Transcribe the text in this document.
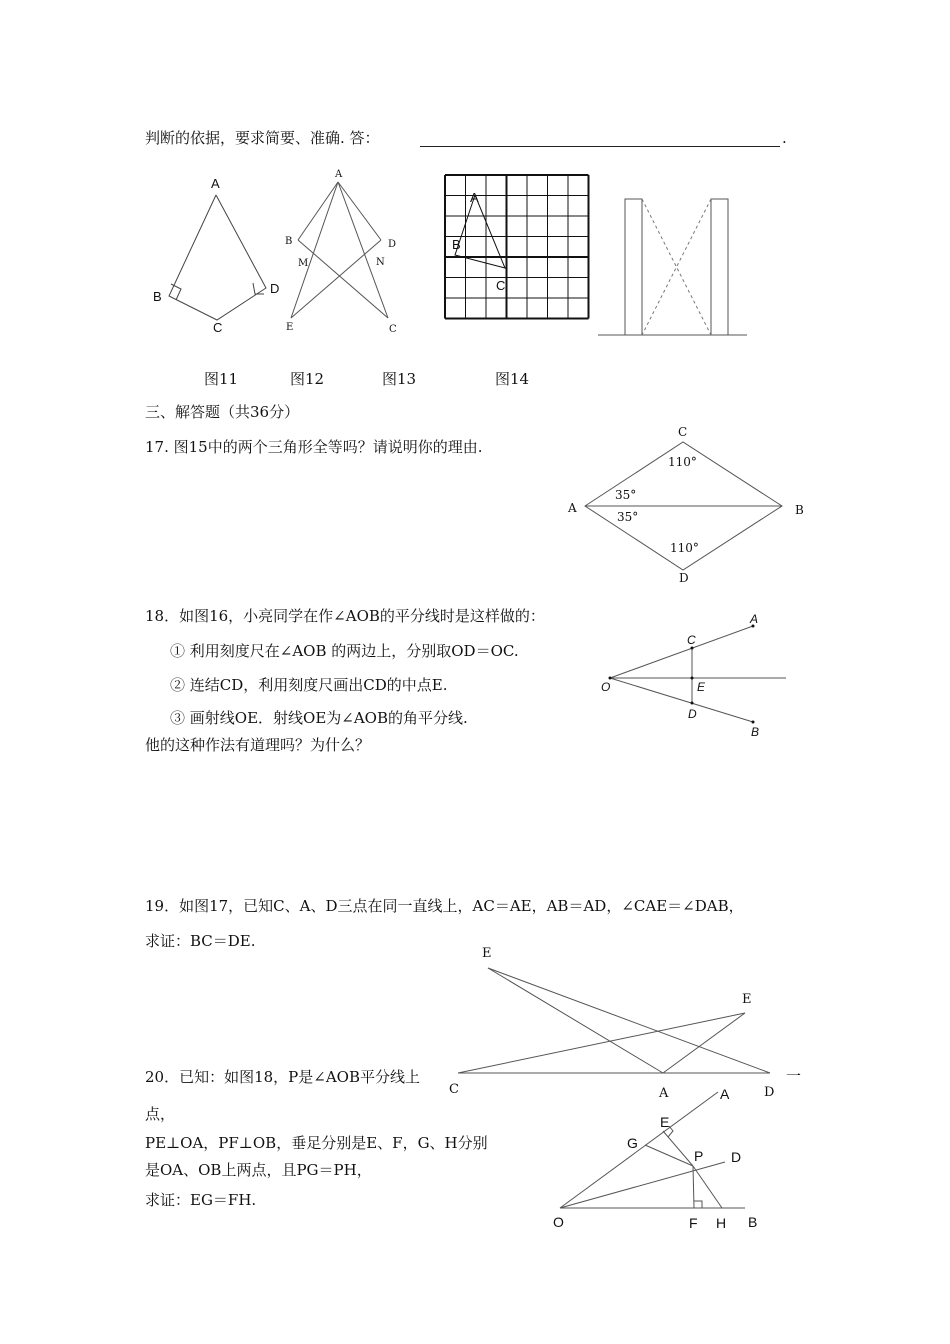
判断的依据，要求简要、准确. 答：	.
A
B
C
D
A
B	D
M	N
E	C
A
B
C
图11	图12	图13	图14
三、解答题（共36分）
17. 图15中的两个三角形全等吗？请说明你的理由.
C
A	B
D
110°
110°
35°
35°
18．如图16，小亮同学在作∠AOB的平分线时是这样做的：
① 利用刻度尺在∠AOB 的两边上，分别取OD＝OC.
② 连结CD，利用刻度尺画出CD的中点E.
③ 画射线OE．射线OE为∠AOB的角平分线.
他的这种作法有道理吗？为什么？
A
C
O	E
D
B
19．如图17，已知C、A、D三点在同一直线上，AC＝AE，AB＝AD，∠CAE＝∠DAB，
求证：BC＝DE.
E
E
C	A	D
一
20．已知：如图18，P是∠AOB平分线上
点，
PE⊥OA，PF⊥OB，垂足分别是E、F，G、H分别
是OA、OB上两点，且PG＝PH，
求证：EG＝FH.
A
E
G
P D
O	F H B
